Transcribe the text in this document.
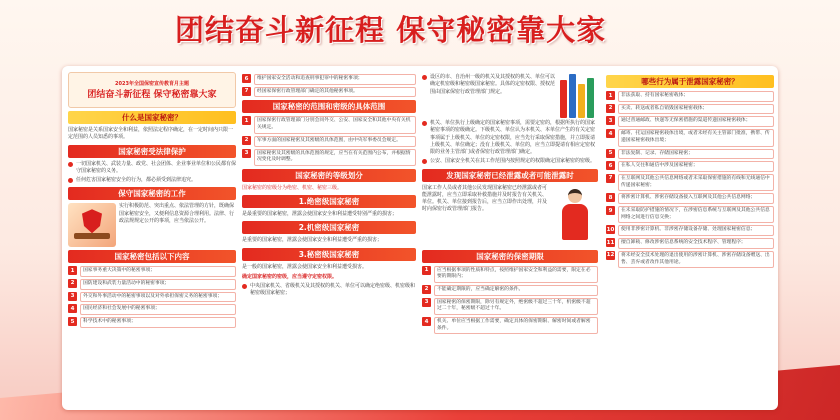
团结奋斗新征程 保守秘密靠大家
2023年全国保密宣传教育月主题
团结奋斗新征程 保守秘密靠大家
什么是国家秘密？
国家秘密是关系国家安全和利益，依照法定程序确定，在一定时间内只限一定范围的人员知悉的事项。
国家秘密受法律保护
一切国家机关、武装力量、政党、社会团体、企业事业单位和公民都有保守国家秘密的义务。
任何危害国家秘密安全的行为，都必须受到法律追究。
保守国家秘密的工作
实行积极防范、突出重点、依法管理的方针，既确保国家秘密安全，又便利信息资源合理利用。法律、行政法规规定公开的事项，应当依法公开。
国家秘密包括以下内容
1	国家事务重大决策中的秘密事项；
2	国防建设和武装力量活动中的秘密事项；
3	外交和外事活动中的秘密事项以及对外承担保密义务的秘密事项；
4	国民经济和社会发展中的秘密事项；
5	科学技术中的秘密事项；
6	维护国家安全活动和追查刑事犯罪中的秘密事项；
7	经国家保密行政管理部门确定的其他秘密事项。
国家秘密的范围和密级的具体范围
1	国家保密行政管理部门分别会同外交、公安、国家安全和其他中央有关机关规定。
2	军事方面的国家秘密及其密级的具体范围，由中央军事委员会规定。
3	国家秘密及其密级的具体范围的规定，应当在有关范围内公布，并根据情况变化及时调整。
国家秘密的等级划分
国家秘密的密级分为绝密、机密、秘密三级。
1.绝密级国家秘密
是最重要的国家秘密，泄露会使国家安全和利益遭受特别严重的损害；
2.机密级国家秘密
是重要的国家秘密，泄露会使国家安全和利益遭受严重的损害；
3.秘密级国家秘密
是一般的国家秘密，泄露会使国家安全和利益遭受损害。
确定国家秘密的密级，应当遵守定密权限。
中央国家机关、省级机关及其授权的机关、单位可以确定绝密级、机密级和秘密级国家秘密；
设区的市、自治州一级的机关及其授权的机关、单位可以确定机密级和秘密级国家秘密。具体的定密权限、授权范围由国家保密行政管理部门规定。
机关、单位执行上级确定的国家秘密事项，需要定密的，根据所执行的国家秘密事项的密级确定。下级机关、单位认为本机关、本单位产生的有关定密事项属于上级机关、单位的定密权限，应当先行采取保密措施，并立即报请上级机关、单位确定；没有上级机关、单位的，应当立即提请有相应定密权限的业务主管部门或者保密行政管理部门确定。
公安、国家安全机关在其工作范围内按照规定的权限确定国家秘密的密级。
发现国家秘密已经泄露或者可能泄露时
国家工作人员或者其他公民发现国家秘密已经泄露或者可能泄露时，应当立即采取补救措施并及时报告有关机关、单位。机关、单位接到报告后，应当立即作出处理，并及时向保密行政管理部门报告。
国家秘密的保密期限
1	应当根据事项的性质和特点，按照维护国家安全和利益的需要，限定在必要的期限内；
2	不能确定期限的，应当确定解密的条件。
3	国家秘密的保密期限，除另有规定外，绝密级不超过三十年，机密级不超过二十年，秘密级不超过十年。
4	机关、单位应当根据工作需要，确定具体的保密期限、解密时间或者解密条件。
哪些行为属于泄露国家秘密？
1	非法获取、持有国家秘密载体；
2	买卖、转送或者私自销毁国家秘密载体；
3	通过普通邮政、快递等无保密措施的渠道传递国家秘密载体；
4	邮寄、托运国家秘密载体出境，或者未经有关主管部门批准，携带、传递国家秘密载体出境；
5	非法复制、记录、存储国家秘密；
6	在私人交往和通信中涉及国家秘密；
7	在互联网及其他公共信息网络或者未采取保密措施的有线和无线通信中传递国家秘密；
8	将涉密计算机、涉密存储设备接入互联网及其他公共信息网络；
9	在未采取防护措施的情况下，在涉密信息系统与互联网及其他公共信息网络之间进行信息交换；
10	使用非涉密计算机、非涉密存储设备存储、处理国家秘密信息；
11	擅自卸载、修改涉密信息系统的安全技术程序、管理程序；
12	将未经安全技术处理的退出使用的涉密计算机、涉密存储设备赠送、出售、丢弃或者改作其他用途。
